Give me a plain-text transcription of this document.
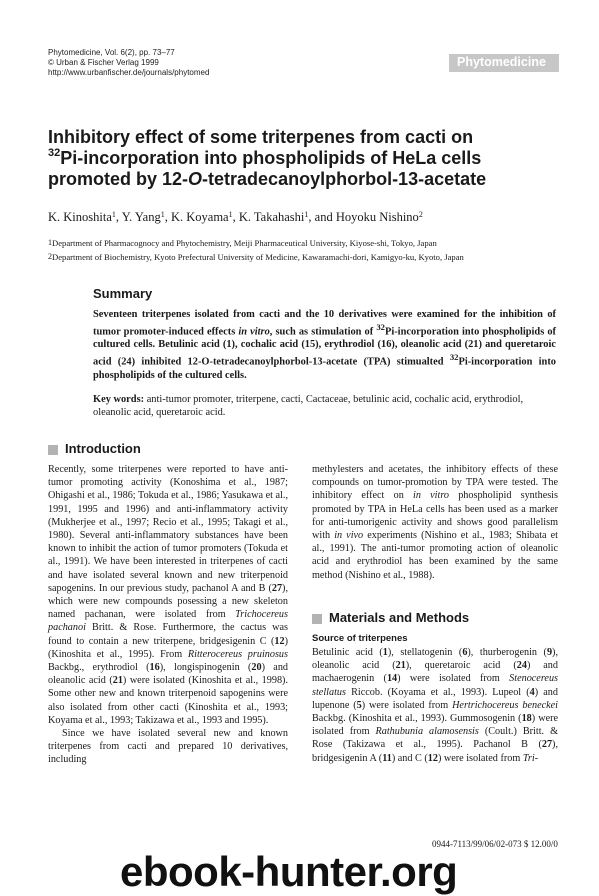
Phytomedicine, Vol. 6(2), pp. 73–77
© Urban & Fischer Verlag 1999
http://www.urbanfischer.de/journals/phytomed
Phytomedicine
Inhibitory effect of some triterpenes from cacti on
$^{32}$Pi-incorporation into phospholipids of HeLa cells
promoted by 12-O-tetradecanoylphorbol-13-acetate
K. Kinoshita$^1$, Y. Yang$^1$, K. Koyama$^1$, K. Takahashi$^1$, and Hoyoku Nishino$^2$
$^1$Department of Pharmacognocy and Phytochemistry, Meiji Pharmaceutical University, Kiyose-shi, Tokyo, Japan
$^2$Department of Biochemistry, Kyoto Prefectural University of Medicine, Kawaramachi-dori, Kamigyo-ku, Kyoto, Japan
Summary
Seventeen triterpenes isolated from cacti and the 10 derivatives were examined for the inhibition of tumor promoter-induced effects in vitro, such as stimulation of $^{32}$Pi-incorporation into phospholipids of cultured cells. Betulinic acid (1), cochalic acid (15), erythrodiol (16), oleanolic acid (21) and queretaroic acid (24) inhibited 12-O-tetradecanoylphorbol-13-acetate (TPA) stimualted $^{32}$Pi-incorporation into phospholipids of the cultured cells.
Key words: anti-tumor promoter, triterpene, cacti, Cactaceae, betulinic acid, cochalic acid, erythrodiol, oleanolic acid, queretaroic acid.
Introduction

Recently, some triterpenes were reported to have anti-tumor promoting activity (Konoshima et al., 1987; Ohigashi et al., 1986; Tokuda et al., 1986; Yasukawa et al., 1991, 1995 and 1996) and anti-inflammatory activity (Mukherjee et al., 1997; Recio et al., 1995; Takagi et al., 1980). Several anti-inflammatory substances have been known to inhibit the action of tumor promoters (Tokuda et al., 1991). We have been interested in triterpenes of cacti and have isolated several known and new triterpenoid sapogenins. In our previous study, pachanol A and B (27), which were new compounds posessing a new skeleton named pachanan, were isolated from Trichocereus pachanoi Britt. & Rose. Furthermore, the cactus was found to contain a new triterpene, bridgesigenin C (12) (Kinoshita et al., 1995). From Ritterocereus pruinosus Backbg., erythrodiol (16), longispinogenin (20) and oleanolic acid (21) were isolated (Kinoshita et al., 1998). Some other new and known triterpenoid sapogenins were also isolated from other cacti (Kinoshita et al., 1993; Koyama et al., 1993; Takizawa et al., 1993 and 1995).

Since we have isolated several new and known triterpenes from cacti and prepared 10 derivatives, including

methylesters and acetates, the inhibitory effects of these compounds on tumor-promotion by TPA were tested. The inhibitory effect on in vitro phospholipid synthesis promoted by TPA in HeLa cells has been used as a marker for anti-tumorigenic activity and shows good parallelism with in vivo experiments (Nishino et al., 1983; Shibata et al., 1991). The anti-tumor promoting action of oleanolic acid and erythrodiol has been examined by the same method (Nishino et al., 1988).

Materials and Methods
Source of triterpenes

Betulinic acid (1), stellatogenin (6), thurberogenin (9), oleanolic acid (21), queretaroic acid (24) and machaerogenin (14) were isolated from Stenocereus stellatus Riccob. (Koyama et al., 1993). Lupeol (4) and lupenone (5) were isolated from Hertrichocereus beneckei Backbg. (Kinoshita et al., 1993). Gummosogenin (18) were isolated from Rathubunia alamosensis (Coult.) Britt. & Rose (Takizawa et al., 1995). Pachanol B (27), bridgesigenin A (11) and C (12) were isolated from Tri-

0944-7113/99/06/02-073 $ 12.00/0
ebook-hunter.org
